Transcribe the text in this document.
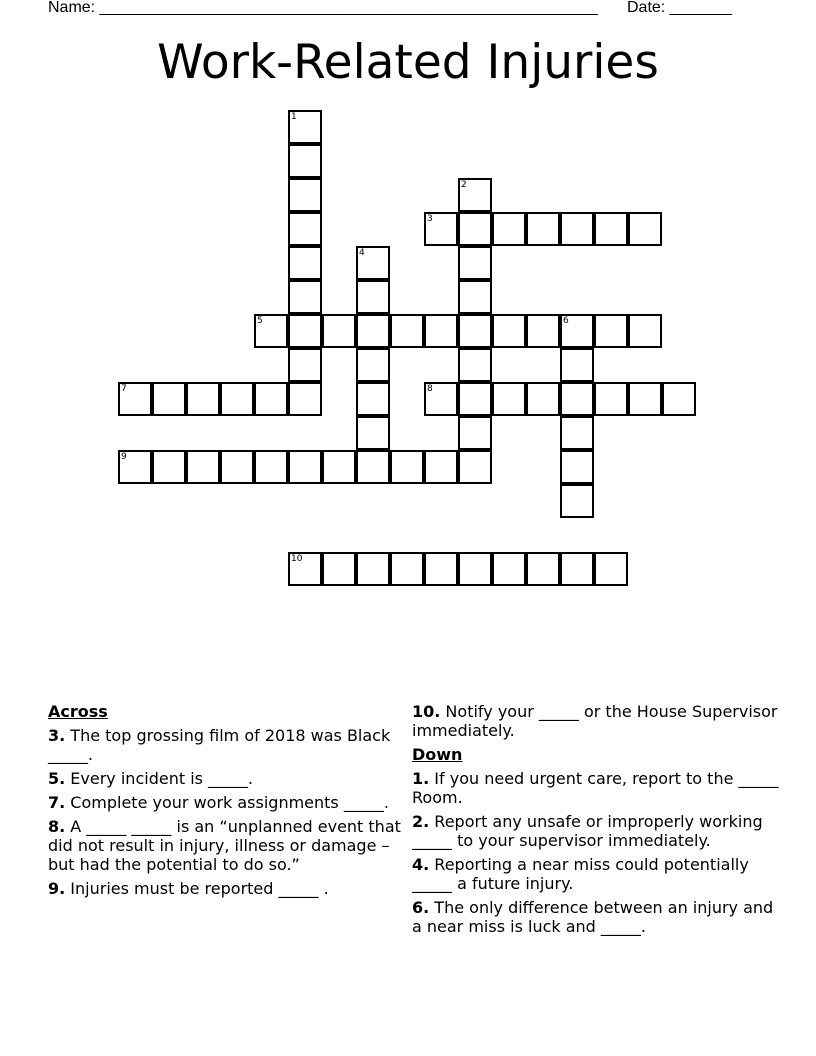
Name: ________________________________________________________ Date: _______
Work-Related Injuries
1
2
3
4
5	6
7	8
9
10
Across
3. The top grossing film of 2018 was Black _____.
5. Every incident is _____.
7. Complete your work assignments _____.
8. A _____ _____ is an “unplanned event that did not result in injury, illness or damage – but had the potential to do so.”
9. Injuries must be reported _____ .
10. Notify your _____ or the House Supervisor immediately.
Down
1. If you need urgent care, report to the _____ Room.
2. Report any unsafe or improperly working _____ to your supervisor immediately.
4. Reporting a near miss could potentially _____ a future injury.
6. The only difference between an injury and a near miss is luck and _____.
